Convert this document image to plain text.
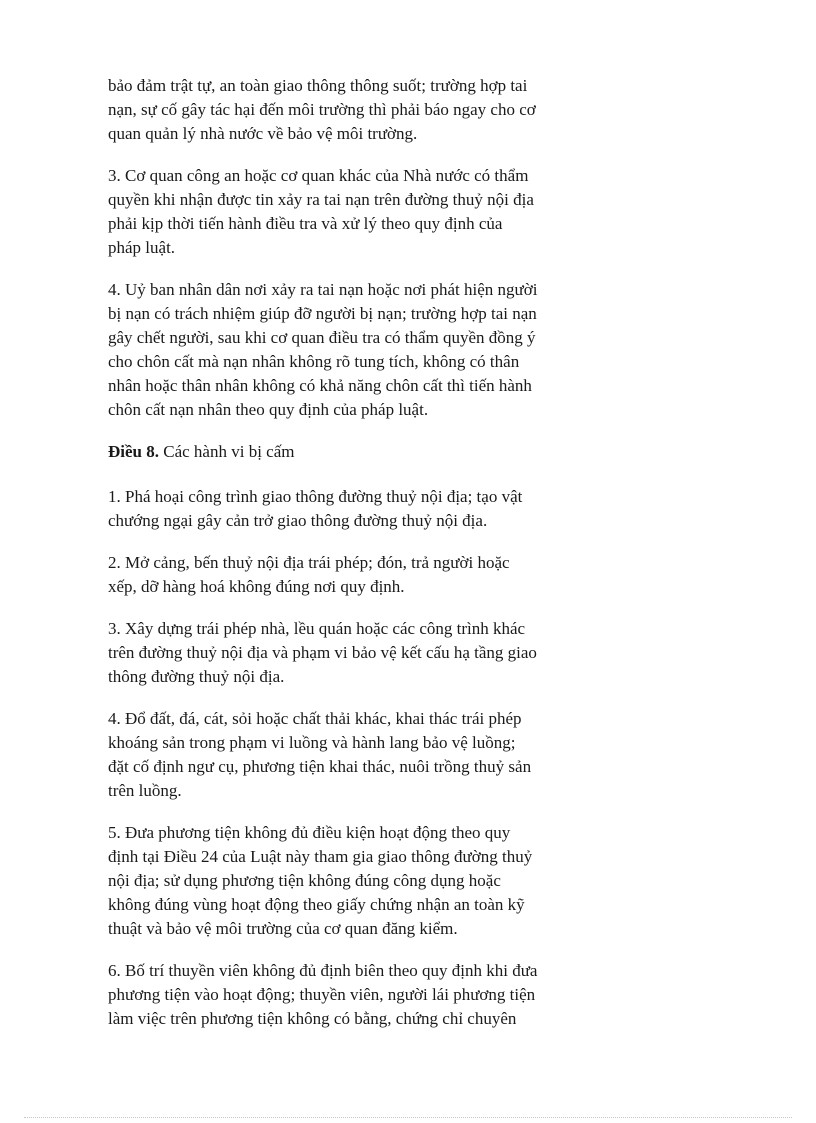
bảo đảm trật tự, an toàn giao thông thông suốt; trường hợp tai
nạn, sự cố gây tác hại đến môi trường thì phải báo ngay cho cơ
quan quản lý nhà nước về bảo vệ môi trường.
3. Cơ quan công an hoặc cơ quan khác của Nhà nước có thẩm
quyền khi nhận được tin xảy ra tai nạn trên đường thuỷ nội địa
phải kịp thời tiến hành điều tra và xử lý theo quy định của
pháp luật.
4. Uỷ ban nhân dân nơi xảy ra tai nạn hoặc nơi phát hiện người
bị nạn có trách nhiệm giúp đỡ người bị nạn; trường hợp tai nạn
gây chết người, sau khi cơ quan điều tra có thẩm quyền đồng ý
cho chôn cất mà nạn nhân không rõ tung tích, không có thân
nhân hoặc thân nhân không có khả năng chôn cất thì tiến hành
chôn cất nạn nhân theo quy định của pháp luật.
Điều 8. Các hành vi bị cấm
1. Phá hoại công trình giao thông đường thuỷ nội địa; tạo vật
chướng ngại gây cản trở giao thông đường thuỷ nội địa.
2. Mở cảng, bến thuỷ nội địa trái phép; đón, trả người hoặc
xếp, dỡ hàng hoá không đúng nơi quy định.
3. Xây dựng trái phép nhà, lều quán hoặc các công trình khác
trên đường thuỷ nội địa và phạm vi bảo vệ kết cấu hạ tầng giao
thông đường thuỷ nội địa.
4. Đổ đất, đá, cát, sỏi hoặc chất thải khác, khai thác trái phép
khoáng sản trong phạm vi luồng và hành lang bảo vệ luồng;
đặt cố định ngư cụ, phương tiện khai thác, nuôi trồng thuỷ sản
trên luồng.
5. Đưa phương tiện không đủ điều kiện hoạt động theo quy
định tại Điều 24 của Luật này tham gia giao thông đường thuỷ
nội địa; sử dụng phương tiện không đúng công dụng hoặc
không đúng vùng hoạt động theo giấy chứng nhận an toàn kỹ
thuật và bảo vệ môi trường của cơ quan đăng kiểm.
6. Bố trí thuyền viên không đủ định biên theo quy định khi đưa
phương tiện vào hoạt động; thuyền viên, người lái phương tiện
làm việc trên phương tiện không có bằng, chứng chỉ chuyên
